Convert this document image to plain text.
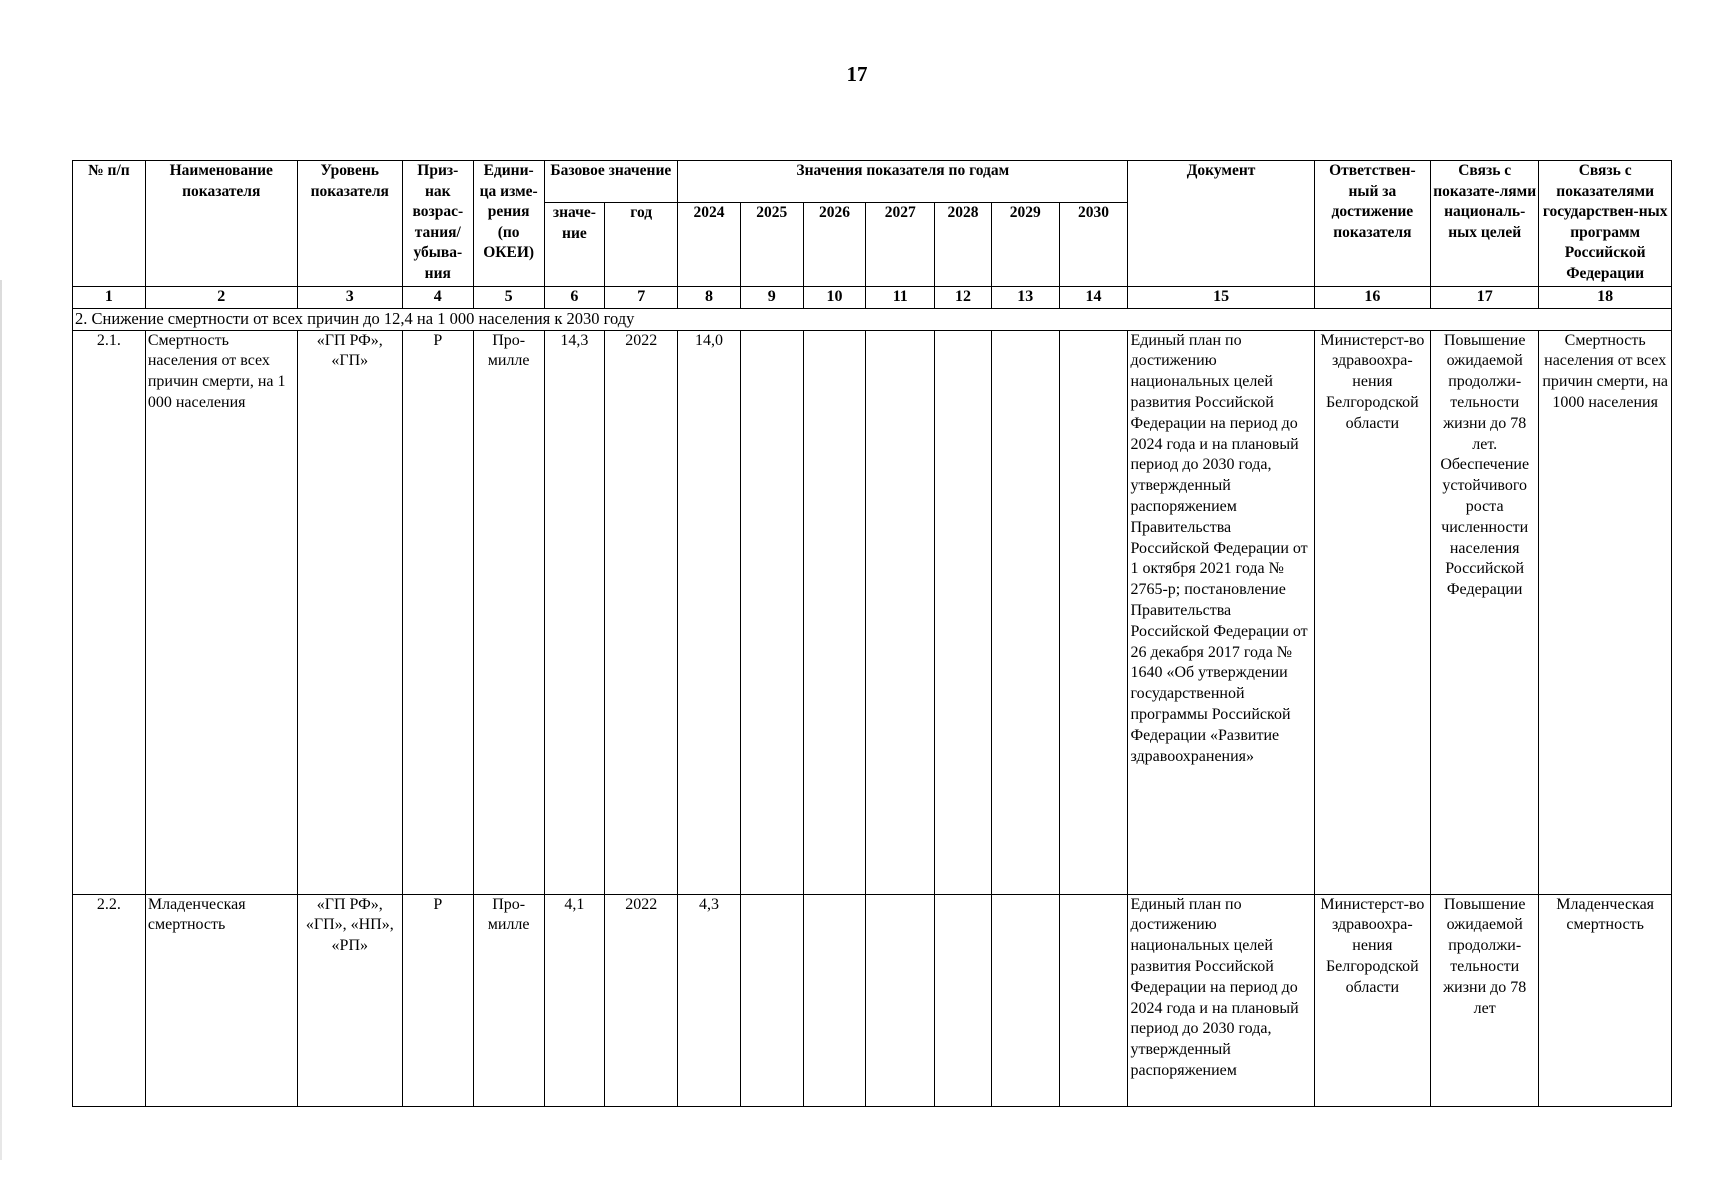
17
№ п/п	Наименование показателя	Уровень показателя	Приз-нак возрас-тания/ убыва-ния	Едини-ца изме-рения (по ОКЕИ)	Базовое значение		Значения показателя по годам							Документ	Ответствен-ный за достижение показателя	Связь с показате-лями националь-ных целей	Связь с показателями государствен-ных программ Российской Федерации
					значе-ние	год	2024	2025	2026	2027	2028	2029	2030				
1	2	3	4	5	6	7	8	9	10	11	12	13	14	15	16	17	18
2. Снижение смертности от всех причин до 12,4 на 1 000 населения к 2030 году																	
2.1.	Смертность населения от всех причин смерти, на 1 000 населения	«ГП РФ», «ГП»	Р	Про-милле	14,3	2022	14,0							Единый план по достижению национальных целей развития Российской Федерации на период до 2024 года и на плановый период до 2030 года, утвержденный распоряжением Правительства Российской Федерации от 1 октября 2021 года № 2765-р; постановление Правительства Российской Федерации от 26 декабря 2017 года № 1640 «Об утверждении государственной программы Российской Федерации «Развитие здравоохранения»	Министерст-во здравоохра-нения Белгородской области	Повышение ожидаемой продолжи-тельности жизни до 78 лет. Обеспечение устойчивого роста численности населения Российской Федерации	Смертность населения от всех причин смерти, на 1000 населения
2.2.	Младенческая смертность	«ГП РФ», «ГП», «НП», «РП»	Р	Про-милле	4,1	2022	4,3							Единый план по достижению национальных целей развития Российской Федерации на период до 2024 года и на плановый период до 2030 года, утвержденный распоряжением	Министерст-во здравоохра-нения Белгородской области	Повышение ожидаемой продолжи-тельности жизни до 78 лет	Младенческая смертность
